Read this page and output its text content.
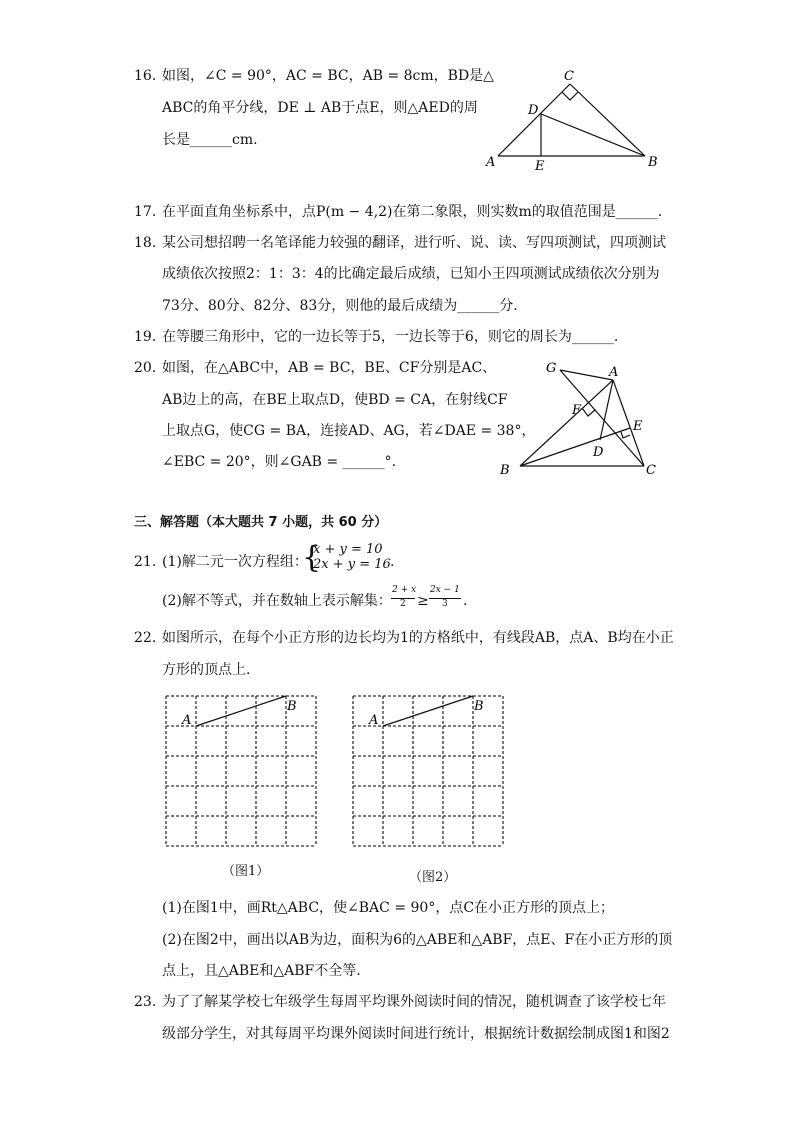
16. 如图，∠C = 90°，AC = BC，AB = 8cm，BD是△
ABC的角平分线，DE ⊥ AB于点E，则△AED的周
长是______cm.
C
D
A	E	B
17. 在平面直角坐标系中，点P(m − 4,2)在第二象限，则实数m的取值范围是______.
18. 某公司想招聘一名笔译能力较强的翻译，进行听、说、读、写四项测试，四项测试
成绩依次按照2：1：3：4的比确定最后成绩，已知小王四项测试成绩依次分别为
73分、80分、82分、83分，则他的最后成绩为______分.
19. 在等腰三角形中，它的一边长等于5，一边长等于6，则它的周长为______.
20. 如图，在△ABC中，AB = BC，BE、CF分别是AC、
AB边上的高，在BE上取点D，使BD = CA，在射线CF
上取点G，使CG = BA，连接AD、AG，若∠DAE = 38°，
∠EBC = 20°，则∠GAB = ______°.
G	A
F
E
D
B	C
三、解答题（本大题共 7 小题，共 60 分）
21. (1)解二元一次方程组：
{
x + y = 10
2x + y = 16 .
(2)解不等式，并在数轴上表示解集：
2 + x
2 ≥
2x − 1
3 .
22. 如图所示，在每个小正方形的边长均为1的方格纸中，有线段AB，点A、B均在小正
方形的顶点上.
A
B
（图1）
A
B
（图2）
(1)在图1中，画Rt△ABC，使∠BAC = 90°，点C在小正方形的顶点上；
(2)在图2中，画出以AB为边，面积为6的△ABE和△ABF，点E、F在小正方形的顶
点上，且△ABE和△ABF不全等.
23. 为了了解某学校七年级学生每周平均课外阅读时间的情况，随机调查了该学校七年
级部分学生，对其每周平均课外阅读时间进行统计，根据统计数据绘制成图1和图2
